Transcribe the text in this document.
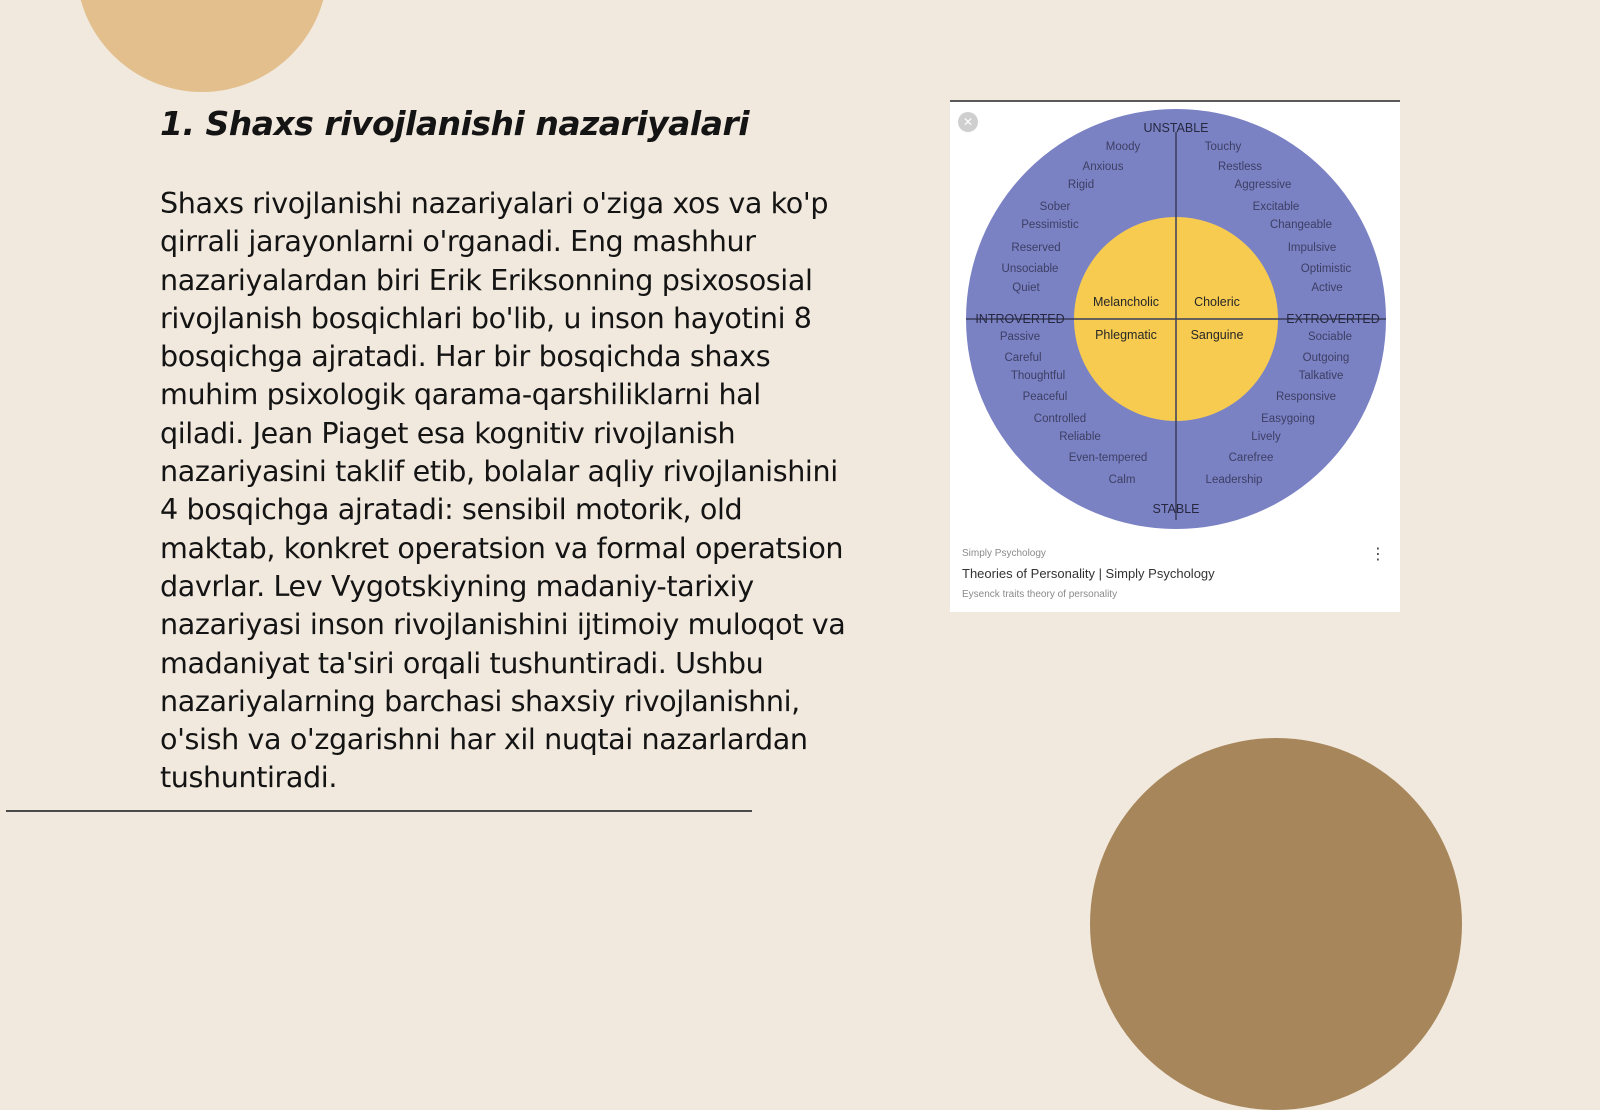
1. Shaxs rivojlanishi nazariyalari

Shaxs rivojlanishi nazariyalari o'ziga xos va ko'p qirrali jarayonlarni o'rganadi. Eng mashhur nazariyalardan biri Erik Eriksonning psixososial rivojlanish bosqichlari bo'lib, u inson hayotini 8 bosqichga ajratadi. Har bir bosqichda shaxs muhim psixologik qarama-qarshiliklarni hal qiladi. Jean Piaget esa kognitiv rivojlanish nazariyasini taklif etib, bolalar aqliy rivojlanishini 4 bosqichga ajratadi: sensibil motorik, old maktab, konkret operatsion va formal operatsion davrlar. Lev Vygotskiyning madaniy-tarixiy nazariyasi inson rivojlanishini ijtimoiy muloqot va madaniyat ta'siri orqali tushuntiradi. Ushbu nazariyalarning barchasi shaxsiy rivojlanishni, o'sish va o'zgarishni har xil nuqtai nazarlardan tushuntiradi.

UNSTABLE
STABLE
INTROVERTED	EXTROVERTED
Melancholic	Choleric
Phlegmatic	Sanguine
Moody
Anxious
Rigid
Sober
Pessimistic
Reserved
Unsociable
Quiet
Touchy
Restless
Aggressive
Excitable
Changeable
Impulsive
Optimistic
Active
Passive
Careful
Thoughtful
Peaceful
Controlled
Reliable
Even-tempered
Calm
Sociable
Outgoing
Talkative
Responsive
Easygoing
Lively
Carefree
Leadership
✕
Simply Psychology
Theories of Personality | Simply Psychology
Eysenck traits theory of personality
⋮
